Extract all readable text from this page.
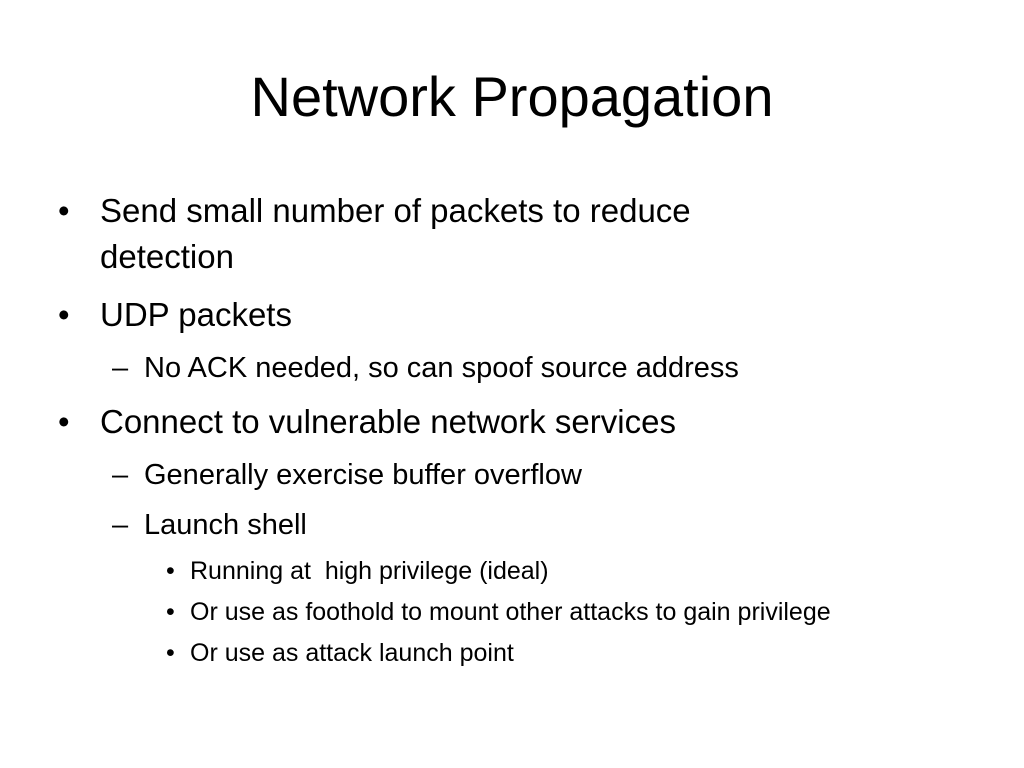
Network Propagation
• Send small number of packets to reduce
detection
• UDP packets
– No ACK needed, so can spoof source address
• Connect to vulnerable network services
– Generally exercise buffer overflow
– Launch shell
• Running at  high privilege (ideal)
• Or use as foothold to mount other attacks to gain privilege
• Or use as attack launch point
